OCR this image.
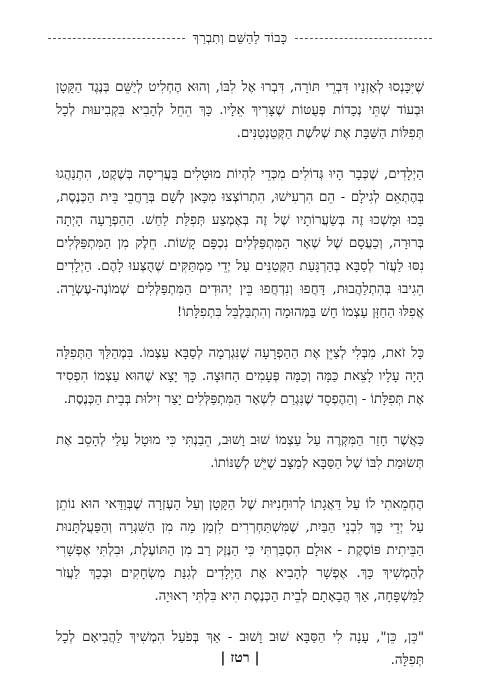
כָּבוֹד לַהַשֵּׁם וְתִבְרַךְ

שֶׁיִּכָּנְסוּ לְאָזְנָיו דִּבְרֵי תּוֹרָה, דִּבְרוּ אֶל לִבּוֹ, וְהוּא הֶחְלִיט לְיַשֵּׁם בְּנֶגֶד הַקָּטָן וּבְעוֹד שְׁתֵּי נְכָדוֹת פְּעֻטּוֹת שֶׁצָּרִיךְ אֵלָיו. כָּךְ הֵחֵל לְהָבִיא בִּקְבִיעוּת לְכָל תְּפִלּוֹת הַשַּׁבָּת אֶת שְׁלֹשֶׁת הַקְּטַנְטַנִּים.

הַיְלָדִים, שֶׁכְּבָר הָיוּ גְּדוֹלִים מִכְּדֵי לִהְיוֹת מוּטָלִים בַּעֲרִיסָה בְּשֶׁקֶט, הִתְנַהֲגוּ בְּהֶתְאֵם לְגִילָם - הֵם הִרְעִישׁוּ, הִתְרוֹצְצוּ מִכָּאן לְשָׁם בְּרַחֲבֵי בֵּית הַכְּנֶסֶת, בָּכוּ וּמָשְׁכוּ זֶה בְּשַׂעֲרוֹתָיו שֶׁל זֶה בְּאֶמְצַע תְּפִלַּת לַחַשׁ. הַהַפְרָעָה הָיְתָה בְּרוּרָה, וְכַעֲסָם שֶׁל שְׁאָר הַמִּתְפַּלְּלִים נִכְפָּם קָשׁוֹת. חֵלֶק מִן הַמִּתְפַּלְּלִים נִסּוּ לַעֲזֹר לְסַבָּא בְּהַרְגָּעַת הַקְּטַנִּים עַל יְדֵי מַמְתַּקִּים שֶׁהֻצְּעוּ לָהֶם. הַיְלָדִים הֵגִיבוּ בְּהִתְלַהֲבוּת, דָּחֲפוּ וְנִדְחֲפוּ בֵּין יְהוּדִים הַמִּתְפַּלְּלִים שְׁמוֹנֶה-עֶשְׂרֵה. אֲפִלּוּ הַחַזָּן עַצְמוֹ חָשׁ בַּמְּהוּמָה וְהִתְבַּלְבֵּל בִּתְפִלָּתוֹ!

כָּל זֹאת, מִבְּלִי לְצַיֵּן אֶת הַהַפְרָעָה שֶׁנִּגְרְמָה לְסַבָּא עַצְמוֹ. בִּמְהַלַּךְ הַתְּפִלָּה הָיָה עָלָיו לָצֵאת כַּמָּה וְכַמָּה פְּעָמִים הַחוּצָה. כָּךְ יָצָא שֶׁהוּא עַצְמוֹ הִפְסִיד אֶת תְּפִלָּתוֹ - וְהַהֶפְסֵד שֶׁנִּגְרַם לִשְׁאָר הַמִּתְפַּלְּלִים יָצַר זִילוּת בְּבֵית הַכְּנֶסֶת.

כַּאֲשֶׁר חָזַר הַמִּקְרֶה עַל עַצְמוֹ שׁוּב וָשׁוּב, הֵבַנְתִּי כִּי מוּטָל עָלַי לְהָסֵב אֶת תְּשׂוּמַת לִבּוֹ שֶׁל הַסַּבָּא לְמַצָּב שֶׁיֵּשׁ לְשַׁנּוֹתוֹ.

הֶחְמֵאתִי לוֹ עַל דַּאֲגָתוֹ לְרוּחָנִיּוּת שֶׁל הַקָּטָן וְעַל הָעֶזְרָה שֶׁבְּוַדַּאי הוּא נוֹתֵן עַל יְדֵי כָּךְ לִבְנֵי הַבַּיִת, שֶׁמִּשְׁתַּחְרְרִים לִזְמַן מָה מִן הַשִּׁגְרָה וְהַפַּעֲלְתָּנוּת הַבֵּיתִית פּוֹסֶקֶת - אוּלָם הִסְבַּרְתִּי כִּי הַנֶּזֶק רַב מִן הַתּוֹעֶלֶת, וּבִלְתִּי אֶפְשָׁרִי לְהַמְשִׁיךְ כָּךְ. אֶפְשָׁר לְהָבִיא אֶת הַיְלָדִים לְגִנַּת מִשְׂחָקִים וּבְכָךְ לַעֲזֹר לַמִּשְׁפָּחָה, אַךְ הֲבָאָתָם לְבֵית הַכְּנֶסֶת הִיא בִּלְתִּי רְאוּיָה.

"כֵּן, כֵּן", עָנָה לִי הַסַּבָּא שׁוּב וָשׁוּב - אַךְ בְּפֹעַל הִמְשִׁיךְ לַהֲבִיאָם לְכָל תְּפִלָּה.

| רטז |
